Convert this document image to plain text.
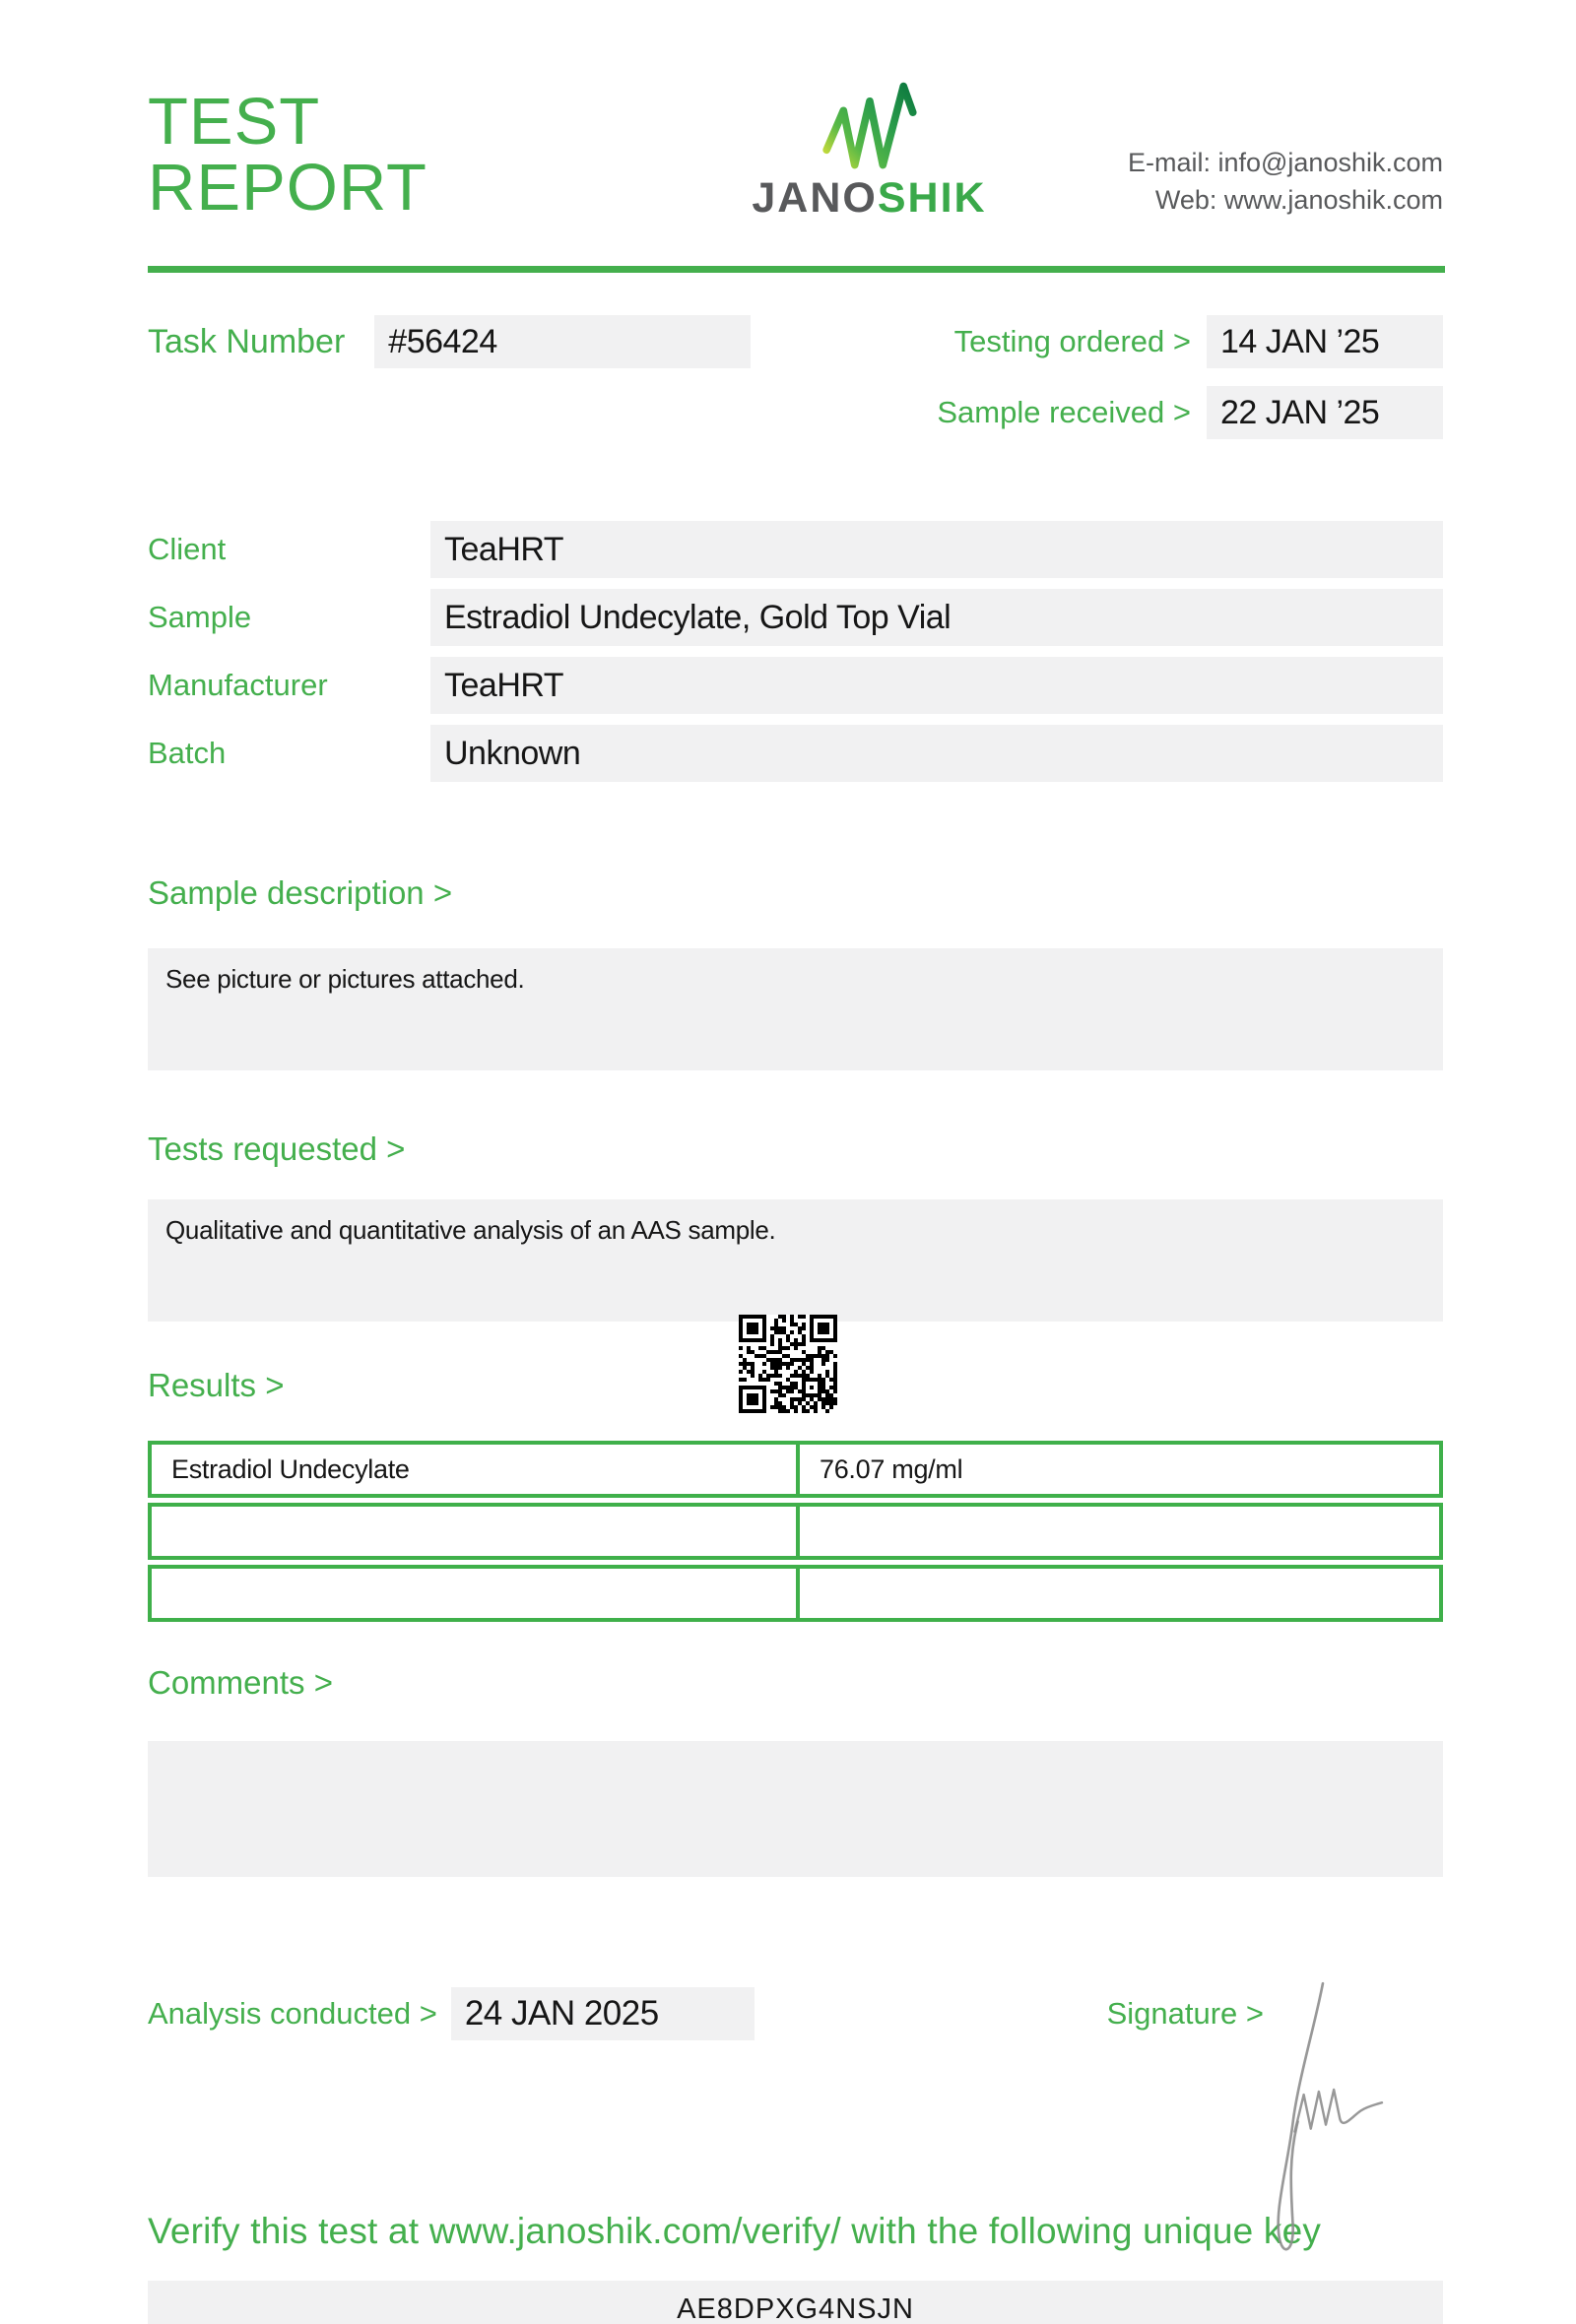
TEST REPORT	JANOSHIK
E-mail: info@janoshik.com
Web: www.janoshik.com
Task Number	#56424	Testing ordered > 14 JAN ’25
Sample received > 22 JAN ’25
Client	TeaHRT
Sample	Estradiol Undecylate, Gold Top Vial
Manufacturer	TeaHRT
Batch	Unknown
Sample description >
See picture or pictures attached.
Tests requested >
Qualitative and quantitative analysis of an AAS sample.
Results >
Estradiol Undecylate	76.07 mg/ml
Comments >
Analysis conducted > 24 JAN 2025	Signature >
Verify this test at www.janoshik.com/verify/ with the following unique key
AE8DPXG4NSJN
